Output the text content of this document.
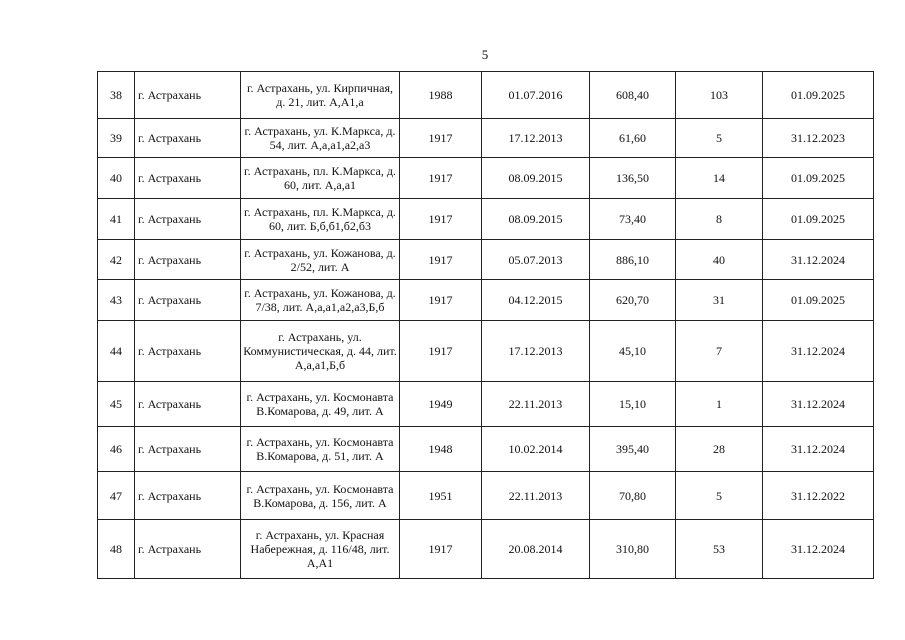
5
38	г. Астрахань	г. Астрахань, ул. Кирпичная, д. 21, лит. А,А1,а	1988	01.07.2016	608,40	103	01.09.2025
39	г. Астрахань	г. Астрахань, ул. К.Маркса, д. 54, лит. А,а,а1,а2,а3	1917	17.12.2013	61,60	5	31.12.2023
40	г. Астрахань	г. Астрахань, пл. К.Маркса, д. 60, лит. А,а,а1	1917	08.09.2015	136,50	14	01.09.2025
41	г. Астрахань	г. Астрахань, пл. К.Маркса, д. 60, лит. Б,б,б1,б2,б3	1917	08.09.2015	73,40	8	01.09.2025
42	г. Астрахань	г. Астрахань, ул. Кожанова, д. 2/52, лит. А	1917	05.07.2013	886,10	40	31.12.2024
43	г. Астрахань	г. Астрахань, ул. Кожанова, д. 7/38, лит. А,а,а1,а2,а3,Б,б	1917	04.12.2015	620,70	31	01.09.2025
44	г. Астрахань	г. Астрахань, ул. Коммунистическая, д. 44, лит. А,а,а1,Б,б	1917	17.12.2013	45,10	7	31.12.2024
45	г. Астрахань	г. Астрахань, ул. Космонавта В.Комарова, д. 49, лит. А	1949	22.11.2013	15,10	1	31.12.2024
46	г. Астрахань	г. Астрахань, ул. Космонавта В.Комарова, д. 51, лит. А	1948	10.02.2014	395,40	28	31.12.2024
47	г. Астрахань	г. Астрахань, ул. Космонавта В.Комарова, д. 156, лит. А	1951	22.11.2013	70,80	5	31.12.2022
48	г. Астрахань	г. Астрахань, ул. Красная Набережная, д. 116/48, лит. А,А1	1917	20.08.2014	310,80	53	31.12.2024
